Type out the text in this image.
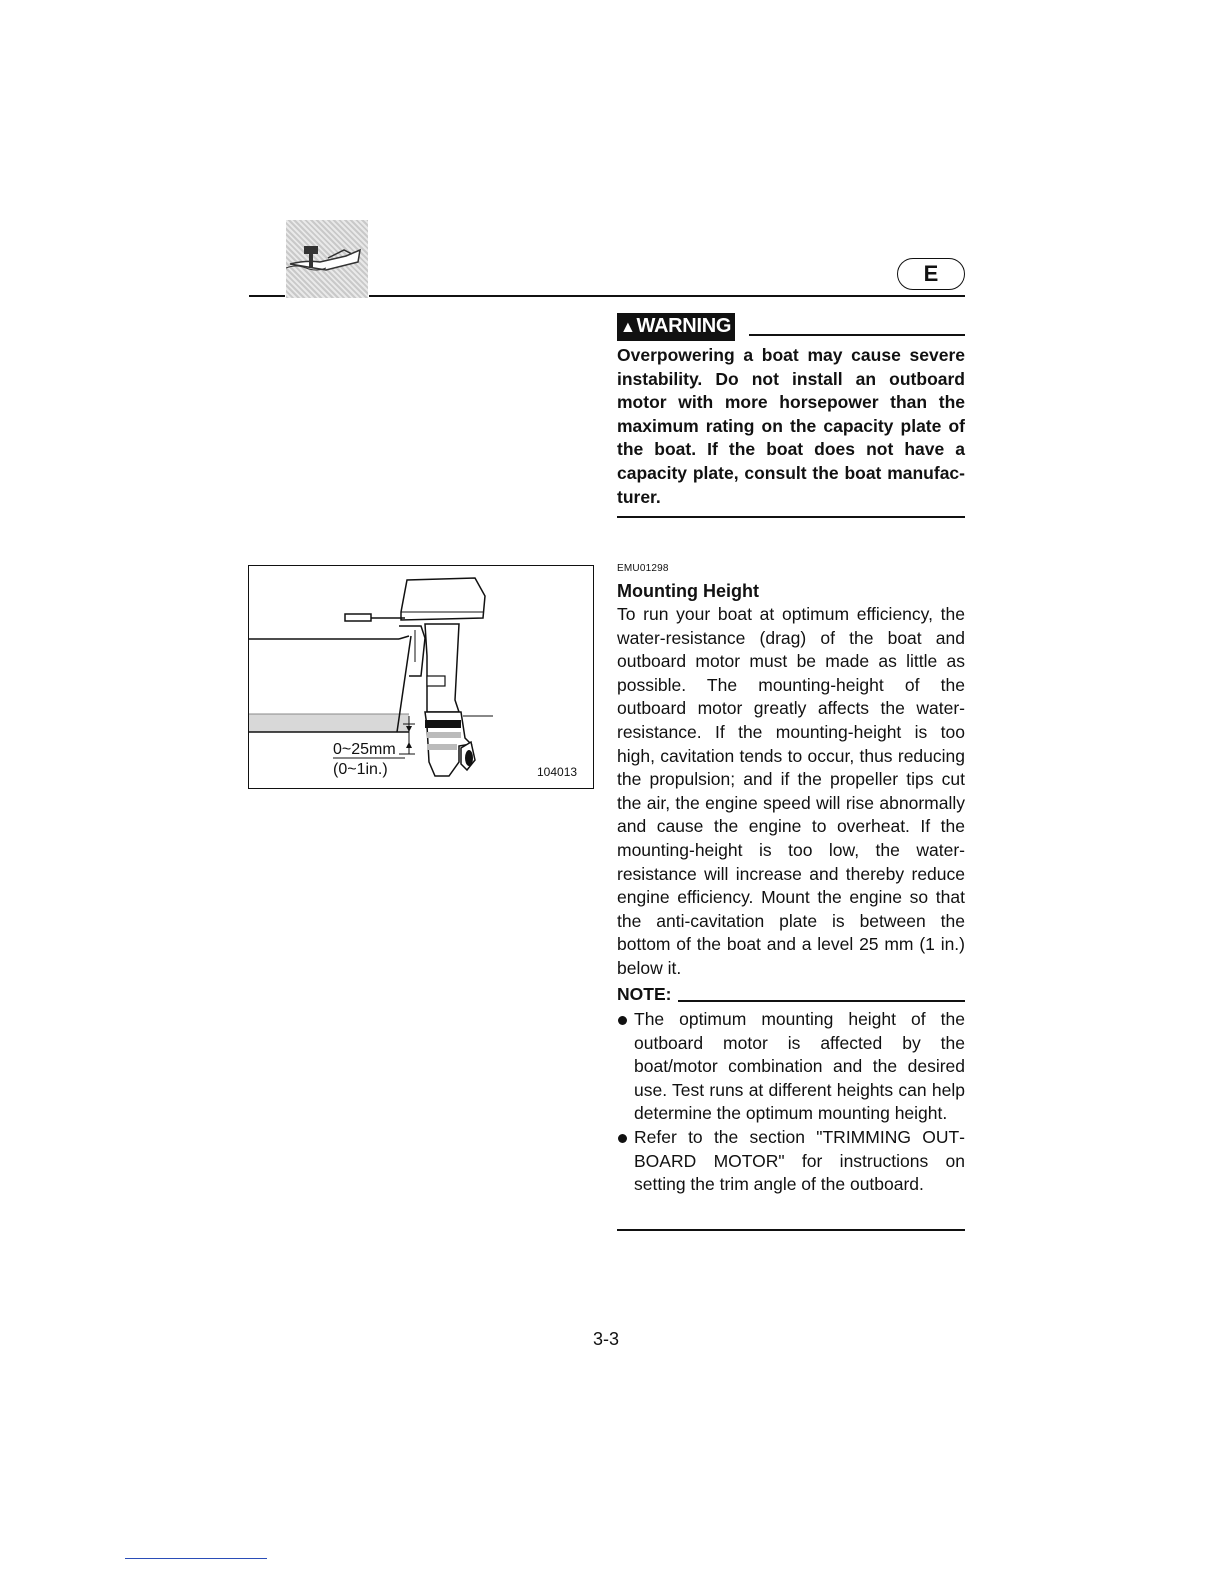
E
▲WARNING
Overpowering a boat may cause severe instability. Do not install an outboard motor with more horsepower than the maximum rating on the capacity plate of the boat. If the boat does not have a capacity plate, consult the boat manufacturer.
0~25mm
(0~1in.)	104013
EMU01298
Mounting Height
To run your boat at optimum efficiency, the water-resistance (drag) of the boat and outboard motor must be made as little as possible. The mounting-height of the outboard motor greatly affects the water-resistance. If the mounting-height is too high, cavitation tends to occur, thus reducing the propulsion; and if the propeller tips cut the air, the engine speed will rise abnormally and cause the engine to overheat. If the mounting-height is too low, the water-resistance will increase and thereby reduce engine efficiency. Mount the engine so that the anti-cavitation plate is between the bottom of the boat and a level 25 mm (1 in.) below it.
NOTE:
The optimum mounting height of the outboard motor is affected by the boat/motor combination and the desired use. Test runs at different heights can help determine the optimum mounting height.
Refer to the section "TRIMMING OUTBOARD MOTOR" for instructions on setting the trim angle of the outboard.
3-3
